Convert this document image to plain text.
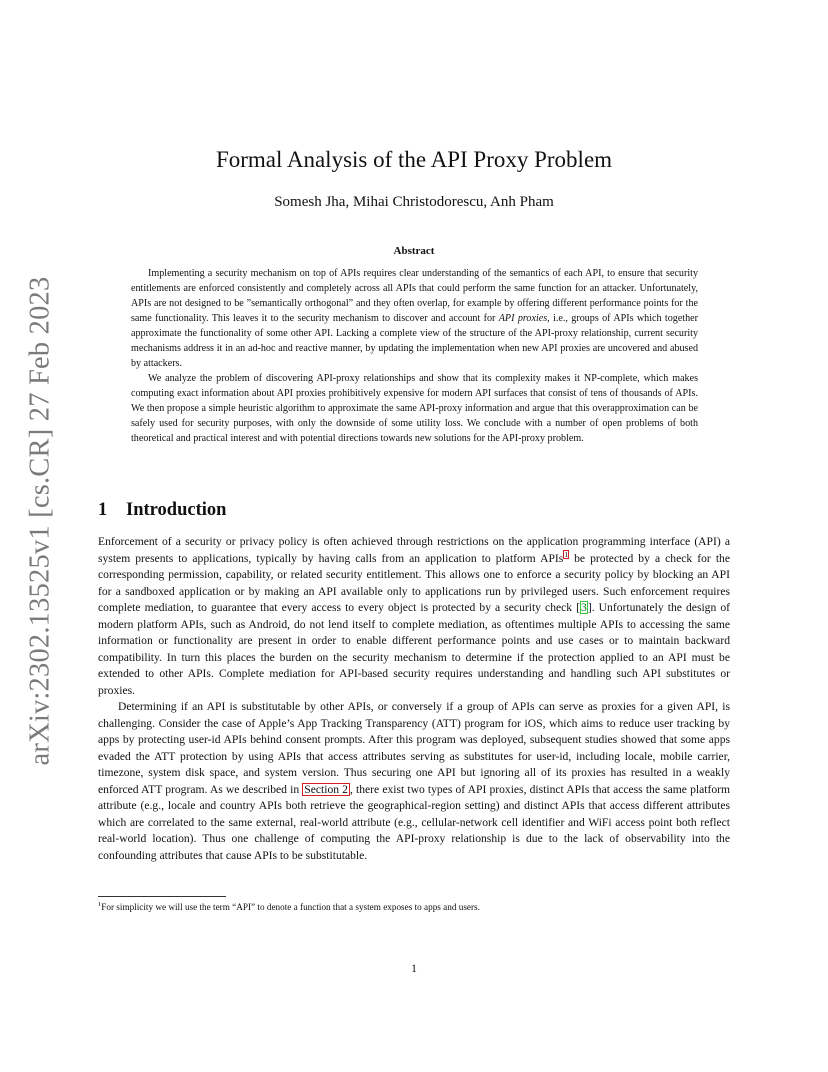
arXiv:2302.13525v1 [cs.CR] 27 Feb 2023
Formal Analysis of the API Proxy Problem
Somesh Jha, Mihai Christodorescu, Anh Pham
Abstract

Implementing a security mechanism on top of APIs requires clear understanding of the semantics of each API, to ensure that security entitlements are enforced consistently and completely across all APIs that could perform the same function for an attacker. Unfortunately, APIs are not designed to be ”semantically orthogonal” and they often overlap, for example by offering different performance points for the same functionality. This leaves it to the security mechanism to discover and account for API proxies, i.e., groups of APIs which together approximate the functionality of some other API. Lacking a complete view of the structure of the API-proxy relationship, current security mechanisms address it in an ad-hoc and reactive manner, by updating the implementation when new API proxies are uncovered and abused by attackers.

We analyze the problem of discovering API-proxy relationships and show that its complexity makes it NP-complete, which makes computing exact information about API proxies prohibitively expensive for modern API surfaces that consist of tens of thousands of APIs. We then propose a simple heuristic algorithm to approximate the same API-proxy information and argue that this overapproximation can be safely used for security purposes, with only the downside of some utility loss. We conclude with a number of open problems of both theoretical and practical interest and with potential directions towards new solutions for the API-proxy problem.

1 Introduction

Enforcement of a security or privacy policy is often achieved through restrictions on the application programming interface (API) a system presents to applications, typically by having calls from an application to platform APIs$^1$ be protected by a check for the corresponding permission, capability, or related security entitlement. This allows one to enforce a security policy by blocking an API for a sandboxed application or by making an API available only to applications run by privileged users. Such enforcement requires complete mediation, to guarantee that every access to every object is protected by a security check [3]. Unfortunately the design of modern platform APIs, such as Android, do not lend itself to complete mediation, as oftentimes multiple APIs to accessing the same information or functionality are present in order to enable different performance points and use cases or to maintain backward compatibility. In turn this places the burden on the security mechanism to determine if the protection applied to an API must be extended to other APIs. Complete mediation for API-based security requires understanding and handling such API substitutes or proxies.

Determining if an API is substitutable by other APIs, or conversely if a group of APIs can serve as proxies for a given API, is challenging. Consider the case of Apple’s App Tracking Transparency (ATT) program for iOS, which aims to reduce user tracking by apps by protecting user-id APIs behind consent prompts. After this program was deployed, subsequent studies showed that some apps evaded the ATT protection by using APIs that access attributes serving as substitutes for user-id, including locale, mobile carrier, timezone, system disk space, and system version. Thus securing one API but ignoring all of its proxies has resulted in a weakly enforced ATT program. As we described in Section 2 , there exist two types of API proxies, distinct APIs that access the same platform attribute (e.g., locale and country APIs both retrieve the geographical-region setting) and distinct APIs that access different attributes which are correlated to the same external, real-world attribute (e.g., cellular-network cell identifier and WiFi access point both reflect real-world location). Thus one challenge of computing the API-proxy relationship is due to the lack of observability into the confounding attributes that cause APIs to be substitutable.

$^1$For simplicity we will use the term “API” to denote a function that a system exposes to apps and users.
1
